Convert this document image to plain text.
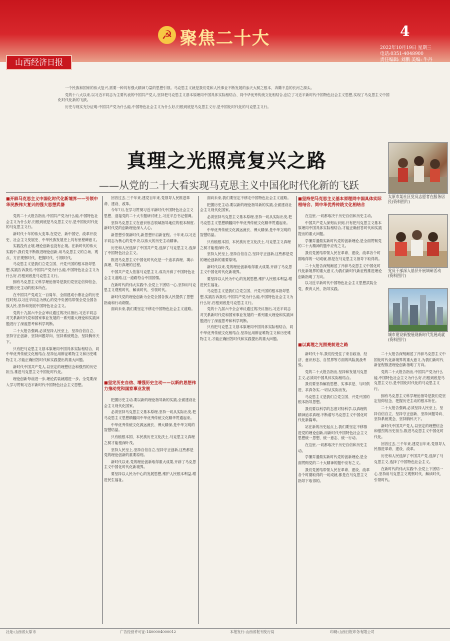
☭ 聚焦二十大	4
2022年10月19日 星期三
电话:0351-4048900
责任编辑: 刘鹏 美编: 牛丹
山西经济日报

一个民族和国家的伟大复兴,需要一种具有强大精神力量的思想引领。马克思主义就是我们党和人民事业不断发展的参天大树之根本、奔腾不息的长河之源头。

党的十八大以来,以习近平同志为主要代表的中国共产党人,坚持把马克思主义基本原理同中国具体实际相结合、同中华优秀传统文化相结合,创立了习近平新时代中国特色社会主义思想,实现了马克思主义中国化时代化新的飞跃。

历史与现实充分证明:中国共产党为什么能,中国特色社会主义为什么好,归根到底是马克思主义行,是中国化时代化的马克思主义行。

真理之光照亮复兴之路
——从党的二十大看实现马克思主义中国化时代化新的飞跃
■开辟马克思主义中国化时代化新境界——引领中华民族伟大复兴的强大思想武器

党的二十大报告指出,中国共产党为什么能,中国特色社会主义为什么好,归根到底是马克思主义行,是中国化时代化的马克思主义行。

新时代十年的伟大变革,在党史、新中国史、改革开放史、社会主义发展史、中华民族发展史上具有里程碑意义。

实践没有止境,理论创新也没有止境。在新时代的伟大实践中,我们党不断推进理论创新,用马克思主义的立场、观点、方法观察时代、把握时代、引领时代。

马克思主义是我们立党立国、兴党兴国的根本指导思想,实践告诉我们,中国共产党为什么能,中国特色社会主义为什么好,归根到底是马克思主义行。

拥有马克思主义科学理论指导是我们党坚定信仰信念、把握历史主动的根本所在。

在中国共产党成立一百周年、全面建成小康社会的历史性时刻,以习近平同志为核心的党中央团结带领全党全国各族人民,坚持和发展中国特色社会主义。

党的十九届六中全会审议通过的决议指出,习近平同志对关系新时代党和国家事业发展的一系列重大理论和实践问题进行了深邃思考和科学判断。

二十大报告强调,必须坚持人民至上、坚持自信自立、坚持守正创新、坚持问题导向、坚持系统观念、坚持胸怀天下。

只有把马克思主义基本原理同中国具体实际相结合、同中华优秀传统文化相结合,坚持运用辩证唯物主义和历史唯物主义,才能正确回答时代和实践提出的重大问题。

新时代中国共产党人,以坚定的理想信念和强烈的历史担当,推进马克思主义中国化时代化。

理论创新每前进一步,理论武装就跟进一步。全党要深入学习贯彻习近平新时代中国特色社会主义思想。

回首过去,三千年来,建党百年来,党领导人民推进革命、建设、改革。

今年7月,在学习贯彻习近平新时代中国特色社会主义思想、迎接党的二十大专题研讨班上,习近平总书记强调。

坚持马克思主义在意识形态领域指导地位的根本制度,新时代党的创新理论深入人心。

新思想引领新时代,新思想开启新征程。十年来,以习近平同志为核心的党中央,以伟大的历史主动精神。

历史和人民选择了中国共产党,选择了马克思主义,选择了中国特色社会主义。

推进马克思主义中国化时代化是一个追求真理、揭示真理、笃行真理的过程。

中国共产党人依靠马克思主义,成功开辟了中国特色社会主义道路,这一道路符合中国国情。

在新时代的伟大实践中,全党上下团结一心,坚持用马克思主义观察时代、解读时代、引领时代。

新时代党的理论创新为全党全国各族人民提供了思想指南和行动纲领。

面向未来,我们要坚定不移走中国特色社会主义道路。

■坚定历史自信、增强历史主动——以新的思想伟力推动党和国家事业发展

把握历史主动,要以新的理论指导新的实践,全面建设社会主义现代化国家。

必须坚持马克思主义基本原理,坚持一切从实际出发,把马克思主义思想精髓同中华优秀传统文化精华贯通起来。

中华优秀传统文化源远流长、博大精深,是中华文明的智慧结晶。

只有植根本国、本民族历史文化沃土,马克思主义真理之树才能根深叶茂。

坚持人民至上,坚持自信自立,坚持守正创新,这些都是党的理论创新的重要原则。

新时代以来,党的理论创新取得重大成果,开辟了马克思主义中国化时代化新境界。

要坚持以人民为中心的发展思想,维护人民根本利益,增进民生福祉。

面向未来,我们要坚定不移走中国特色社会主义道路。

把握历史主动,要以新的理论指导新的实践,全面建设社会主义现代化国家。

必须坚持马克思主义基本原理,坚持一切从实际出发,把马克思主义思想精髓同中华优秀传统文化精华贯通起来。

中华优秀传统文化源远流长、博大精深,是中华文明的智慧结晶。

只有植根本国、本民族历史文化沃土,马克思主义真理之树才能根深叶茂。

坚持人民至上,坚持自信自立,坚持守正创新,这些都是党的理论创新的重要原则。

新时代以来,党的理论创新取得重大成果,开辟了马克思主义中国化时代化新境界。

要坚持以人民为中心的发展思想,维护人民根本利益,增进民生福祉。

马克思主义是我们立党立国、兴党兴国的根本指导思想,实践告诉我们,中国共产党为什么能,中国特色社会主义为什么好,归根到底是马克思主义行。

党的十九届六中全会审议通过的决议指出,习近平同志对关系新时代党和国家事业发展的一系列重大理论和实践问题进行了深邃思考和科学判断。

只有把马克思主义基本原理同中国具体实际相结合、同中华优秀传统文化相结合,坚持运用辩证唯物主义和历史唯物主义,才能正确回答时代和实践提出的重大问题。

■坚持把马克思主义基本原理同中国具体实际相结合、同中华优秀传统文化相结合

在这里,一切都取决于历史自信和历史主动。

中国共产党人深刻认识到,只有把马克思主义基本原理同中国具体实际相结合,才能正确回答时代和实践提出的重大问题。

学懂弄通做实新时代党的创新理论,是全面贯彻党的二十大精神的题中应有之义。

我们党团结带领人民在革命、建设、改革各个时期取得的一切成就,都是在马克思主义指导下取得的。

二十大报告深刻阐述了开辟马克思主义中国化时代化新境界的重大意义,为我们新时代新征程推进理论创新指明了方向。

以习近平新时代中国特色社会主义思想武装全党、教育人民、指导实践。

太原市某社区党员志愿者在服务居民(资料图片)
党员干部深入基层开展调研活动(资料图片)
城市建设新貌展现新时代发展成就(资料图片)
■以真理之光照亮前进之路

新时代十年,我们经受住了来自政治、经济、意识形态、自然界等方面的风险挑战考验。

党的二十大报告指出,坚持和发展马克思主义,必须同中国具体实际相结合。

我们要坚持解放思想、实事求是、与时俱进、求真务实,一切从实际出发。

马克思主义是我们立党立国、兴党兴国的根本指导思想。

我们要以科学的态度对待科学,以真理的精神追求真理,不断谱写马克思主义中国化时代化新篇章。

站在新的历史起点上,我们要坚定不移推进党的理论创新,用新时代中国特色社会主义思想统一思想、统一意志、统一行动。

在这里,一切都取决于历史自信和历史主动。

学懂弄通做实新时代党的创新理论,是全面贯彻党的二十大精神的题中应有之义。

我们党团结带领人民在革命、建设、改革各个时期取得的一切成就,都是在马克思主义指导下取得的。

二十大报告深刻阐述了开辟马克思主义中国化时代化新境界的重大意义,为我们新时代新征程推进理论创新指明了方向。

党的二十大报告指出,中国共产党为什么能,中国特色社会主义为什么好,归根到底是马克思主义行,是中国化时代化的马克思主义行。

拥有马克思主义科学理论指导是我们党坚定信仰信念、把握历史主动的根本所在。

二十大报告强调,必须坚持人民至上、坚持自信自立、坚持守正创新、坚持问题导向、坚持系统观念、坚持胸怀天下。

新时代中国共产党人,以坚定的理想信念和强烈的历史担当,推进马克思主义中国化时代化。

回首过去,三千年来,建党百年来,党领导人民推进革命、建设、改革。

历史和人民选择了中国共产党,选择了马克思主义,选择了中国特色社会主义。

在新时代的伟大实践中,全党上下团结一心,坚持用马克思主义观察时代、解读时代、引领时代。

社址:山西省太原市	广告经营许可证:1400004000012	本报发行:山西省报刊发行局	印刷:山西日报印务有限公司
